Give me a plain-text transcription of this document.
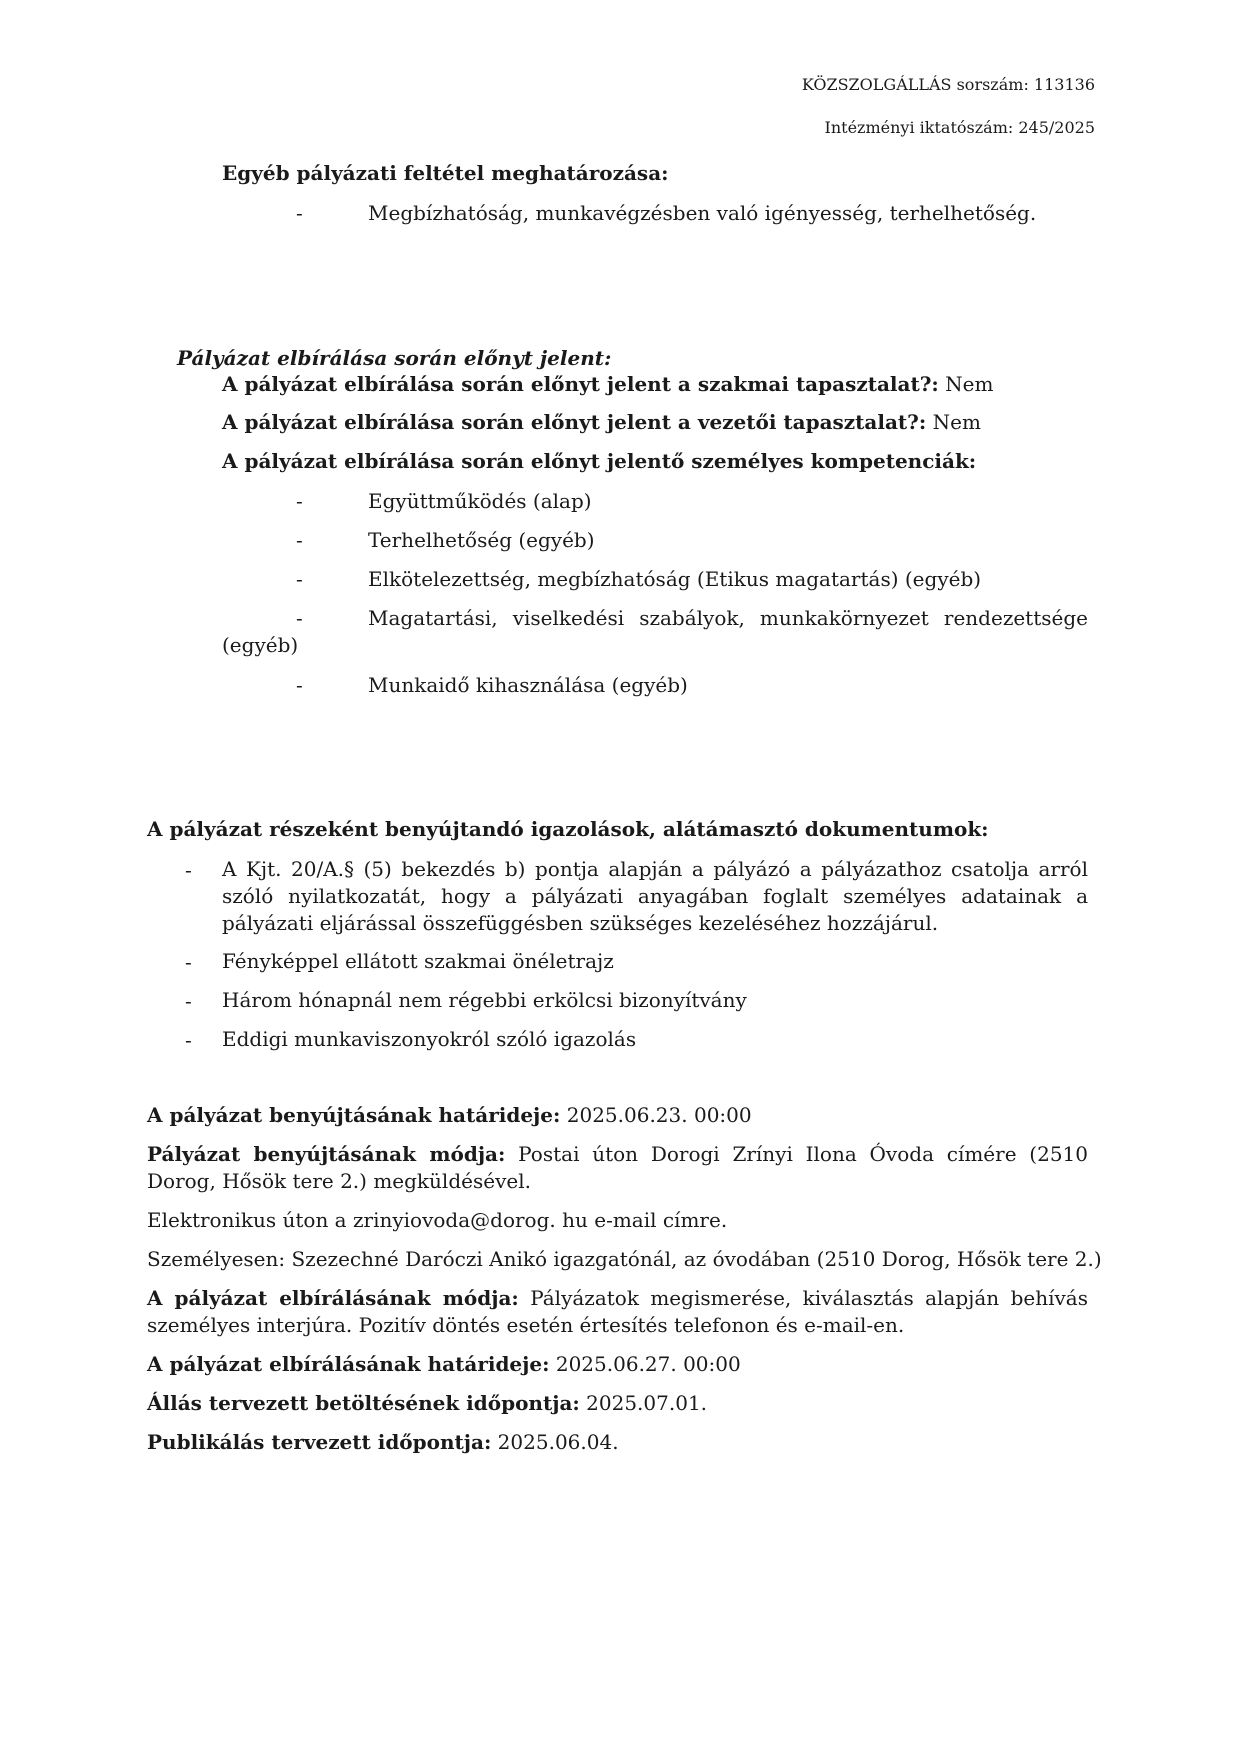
KÖZSZOLGÁLLÁS sorszám: 113136
Intézményi iktatószám: 245/2025
Egyéb pályázati feltétel meghatározása:
-	Megbízhatóság, munkavégzésben való igényesség, terhelhetőség.
Pályázat elbírálása során előnyt jelent:
A pályázat elbírálása során előnyt jelent a szakmai tapasztalat?: Nem
A pályázat elbírálása során előnyt jelent a vezetői tapasztalat?: Nem
A pályázat elbírálása során előnyt jelentő személyes kompetenciák:
-	Együttműködés (alap)
-	Terhelhetőség (egyéb)
-	Elkötelezettség, megbízhatóság (Etikus magatartás) (egyéb)
-	Magatartási, viselkedési szabályok, munkakörnyezet rendezettsége
(egyéb)
-	Munkaidő kihasználása (egyéb)
A pályázat részeként benyújtandó igazolások, alátámasztó dokumentumok:
- A Kjt. 20/A.§ (5) bekezdés b) pontja alapján a pályázó a pályázathoz csatolja arról szóló nyilatkozatát, hogy a pályázati anyagában foglalt személyes adatainak a pályázati eljárással összefüggésben szükséges kezeléséhez hozzájárul.
- Fényképpel ellátott szakmai önéletrajz
- Három hónapnál nem régebbi erkölcsi bizonyítvány
- Eddigi munkaviszonyokról szóló igazolás
A pályázat benyújtásának határideje: 2025.06.23. 00:00
Pályázat benyújtásának módja: Postai úton Dorogi Zrínyi Ilona Óvoda címére (2510 Dorog, Hősök tere 2.) megküldésével.
Elektronikus úton a zrinyiovoda@dorog. hu e-mail címre.
Személyesen: Szezechné Daróczi Anikó igazgatónál, az óvodában (2510 Dorog, Hősök tere 2.)
A pályázat elbírálásának módja: Pályázatok megismerése, kiválasztás alapján behívás személyes interjúra. Pozitív döntés esetén értesítés telefonon és e-mail-en.
A pályázat elbírálásának határideje: 2025.06.27. 00:00
Állás tervezett betöltésének időpontja: 2025.07.01.
Publikálás tervezett időpontja: 2025.06.04.
